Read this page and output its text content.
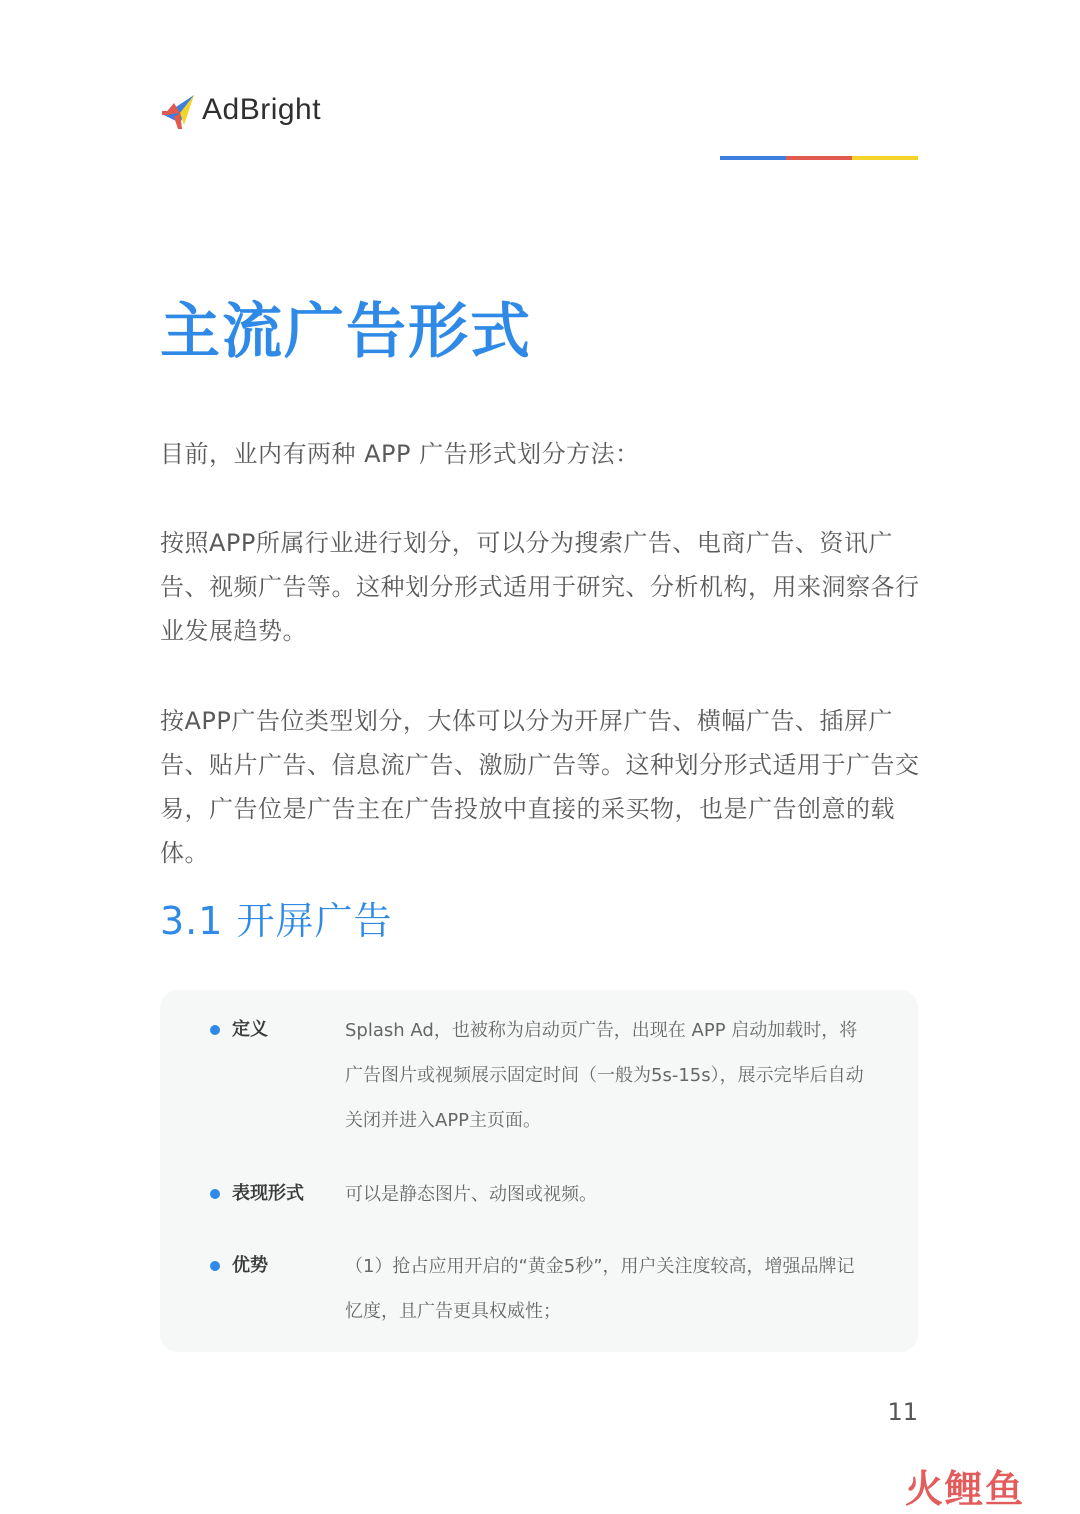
AdBright
主流广告形式

目前，业内有两种 APP 广告形式划分方法：

按照APP所属行业进行划分，可以分为搜索广告、电商广告、资讯广告、视频广告等。这种划分形式适用于研究、分析机构，用来洞察各行业发展趋势。

按APP广告位类型划分，大体可以分为开屏广告、横幅广告、插屏广告、贴片广告、信息流广告、激励广告等。这种划分形式适用于广告交易，广告位是广告主在广告投放中直接的采买物，也是广告创意的载体。

3.1 开屏广告
定义	Splash Ad，也被称为启动页广告，出现在 APP 启动加载时，将广告图片或视频展示固定时间（一般为5s-15s），展示完毕后自动关闭并进入APP主页面。

表现形式 可以是静态图片、动图或视频。

优势	（1）抢占应用开启的“黄金5秒”，用户关注度较高，增强品牌记忆度，且广告更具权威性；

11
火鲤鱼
